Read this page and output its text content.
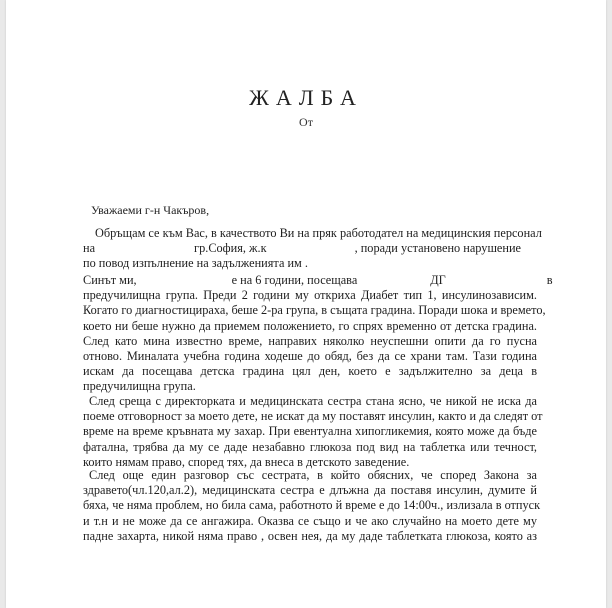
ЖАЛБА
От
Уважаеми г-н Чакъров,
Обръщам се към Вас, в качеството Ви на пряк работодател на медицинския персонал
на	гр.София, ж.к	, поради установено нарушение
по повод изпълнение на задълженията им .
Синът ми,	е на 6 години, посещава	ДГ	в
предучилищна група. Преди 2 години му откриха Диабет тип 1, инсулинозависим.
Когато го диагностицираха, беше 2-ра група, в същата градина. Поради шока и времето,
което ни беше нужно да приемем положението, го спрях временно от детска градина.
След като мина известно време, направих няколко неуспешни опити да го пусна
отново. Миналата учебна година ходеше до обяд, без да се храни там. Тази година
искам да посещава детска градина цял ден, което е задължително за деца в
предучилищна група.
След среща с директорката и медицинската сестра стана ясно, че никой не иска да
поеме отговорност за моето дете, не искат да му поставят инсулин, както и да следят от
време на време кръвната му захар. При евентуална хипогликемия, която може да бъде
фатална, трябва да му се даде незабавно глюкоза под вид на таблетка или течност,
които нямам право, според тях, да внеса в детското заведение.
След още един разговор със сестрата, в който обясних, че според Закона за
здравето(чл.120,ал.2), медицинската сестра е длъжна да поставя инсулин, думите й
бяха, че няма проблем, но била сама, работното й време е до 14:00ч., излизала в отпуск
и т.н и не може да се ангажира. Оказва се също и че ако случайно на моето дете му
падне захарта, никой няма право , освен нея, да му даде таблетката глюкоза, която аз
